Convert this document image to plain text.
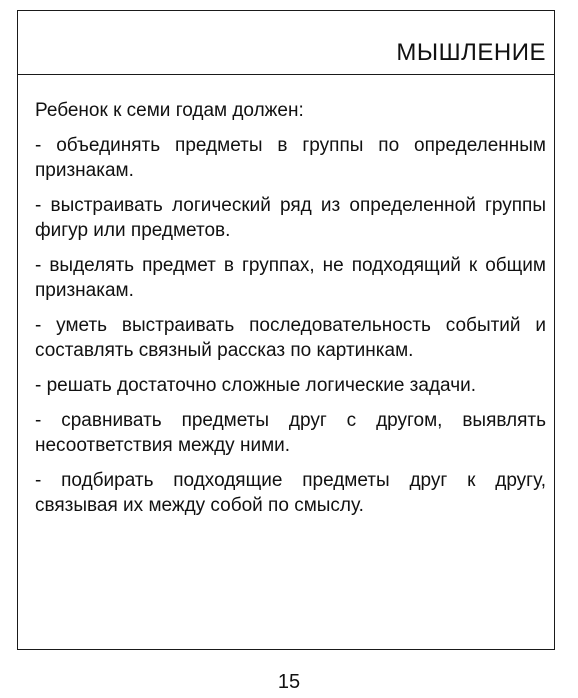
МЫШЛЕНИЕ

Ребенок к семи годам должен:

- объединять предметы в группы по определенным признакам.

- выстраивать логический ряд из определенной группы фигур или предметов.

- выделять предмет в группах, не подходящий к общим признакам.

- уметь выстраивать последовательность событий и составлять связный рассказ по картинкам.

- решать достаточно сложные логические задачи.

- сравнивать предметы друг с другом, выявлять несоответствия между ними.

- подбирать подходящие предметы друг к другу, связывая их между собой по смыслу.

15
